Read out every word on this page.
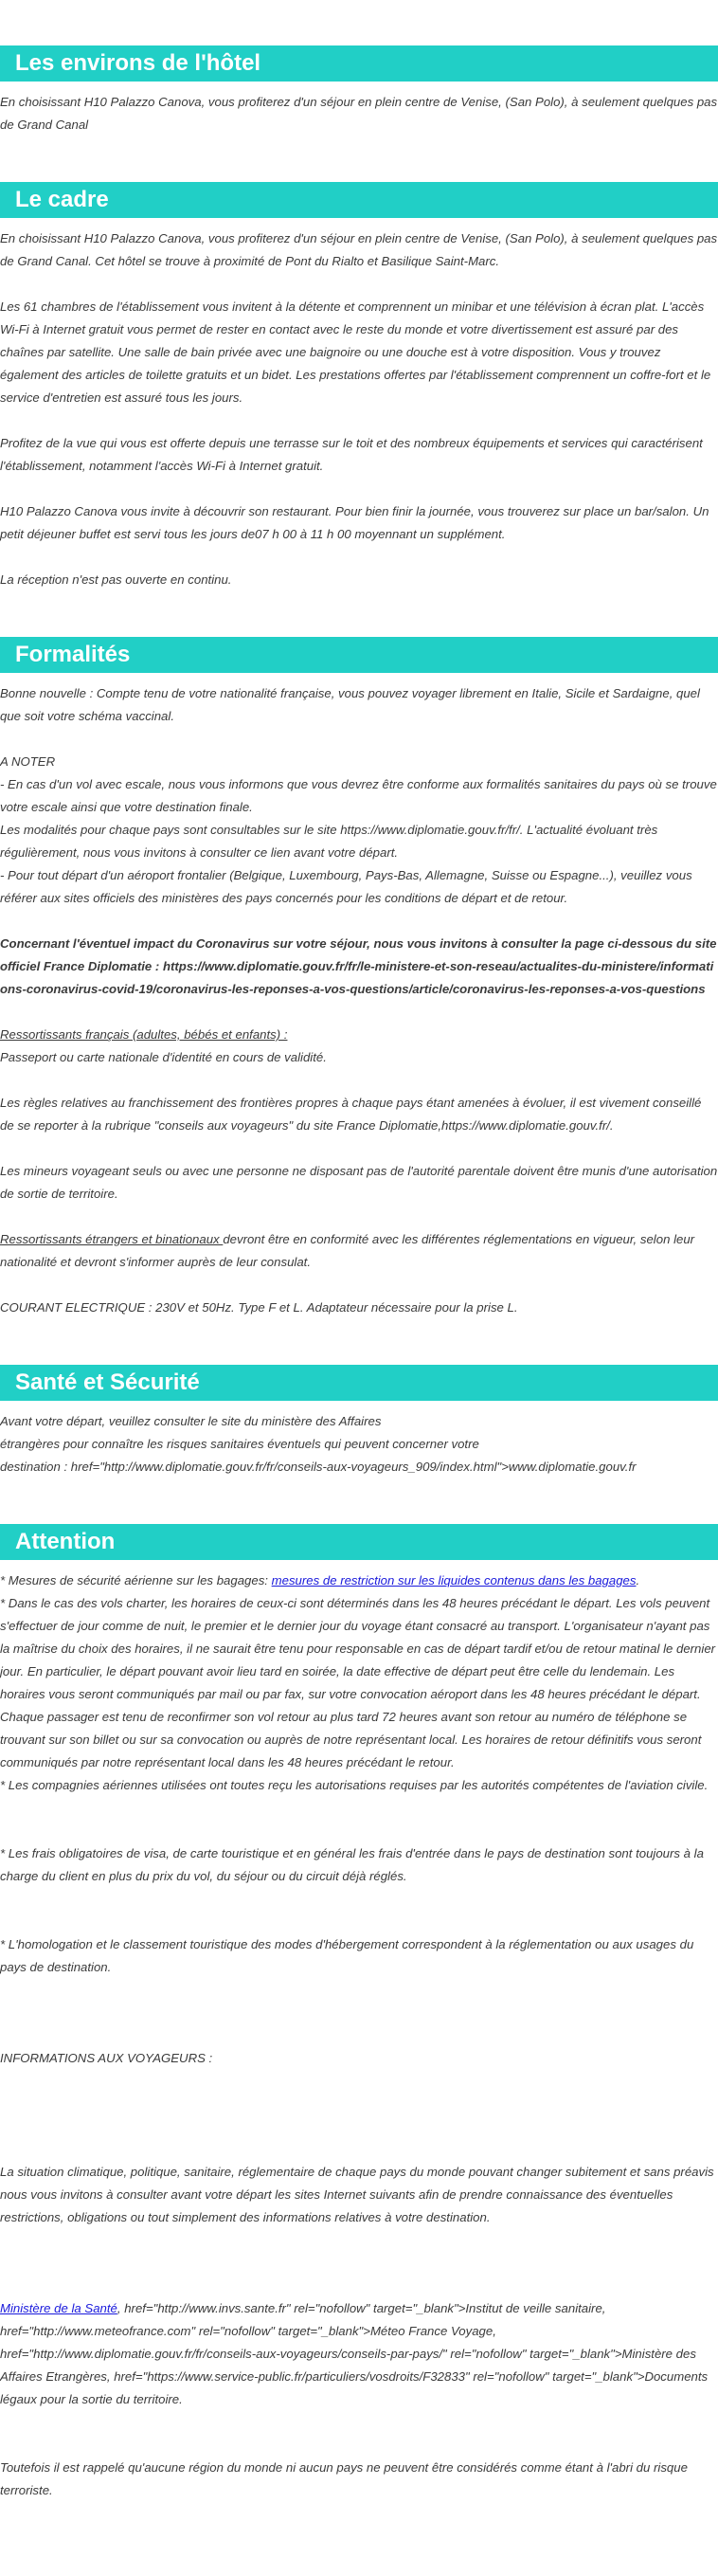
Les environs de l'hôtel

En choisissant H10 Palazzo Canova, vous profiterez d'un séjour en plein centre de Venise, (San Polo), à seulement quelques pas de Grand Canal

Le cadre

En choisissant H10 Palazzo Canova, vous profiterez d'un séjour en plein centre de Venise, (San Polo), à seulement quelques pas de Grand Canal. Cet hôtel se trouve à proximité de Pont du Rialto et Basilique Saint-Marc.

Les 61 chambres de l'établissement vous invitent à la détente et comprennent un minibar et une télévision à écran plat. L'accès Wi-Fi à Internet gratuit vous permet de rester en contact avec le reste du monde et votre divertissement est assuré par des chaînes par satellite. Une salle de bain privée avec une baignoire ou une douche est à votre disposition. Vous y trouvez également des articles de toilette gratuits et un bidet. Les prestations offertes par l'établissement comprennent un coffre-fort et le service d'entretien est assuré tous les jours.

Profitez de la vue qui vous est offerte depuis une terrasse sur le toit et des nombreux équipements et services qui caractérisent l'établissement, notamment l'accès Wi-Fi à Internet gratuit.

H10 Palazzo Canova vous invite à découvrir son restaurant. Pour bien finir la journée, vous trouverez sur place un bar/salon. Un petit déjeuner buffet est servi tous les jours de07 h 00 à 11 h 00 moyennant un supplément.

La réception n'est pas ouverte en continu.

Formalités

Bonne nouvelle : Compte tenu de votre nationalité française, vous pouvez voyager librement en Italie, Sicile et Sardaigne, quel que soit votre schéma vaccinal.

A NOTER

- En cas d'un vol avec escale, nous vous informons que vous devrez être conforme aux formalités sanitaires du pays où se trouve votre escale ainsi que votre destination finale.

Les modalités pour chaque pays sont consultables sur le site https://www.diplomatie.gouv.fr/fr/. L'actualité évoluant très régulièrement, nous vous invitons à consulter ce lien avant votre départ.

- Pour tout départ d'un aéroport frontalier (Belgique, Luxembourg, Pays-Bas, Allemagne, Suisse ou Espagne...), veuillez vous référer aux sites officiels des ministères des pays concernés pour les conditions de départ et de retour.

Concernant l'éventuel impact du Coronavirus sur votre séjour, nous vous invitons à consulter la page ci-dessous du site officiel France Diplomatie : https://www.diplomatie.gouv.fr/fr/le-ministere-et-son-reseau/actualites-du-ministere/informations-coronavirus-covid-19/coronavirus-les-reponses-a-vos-questions/article/coronavirus-les-reponses-a-vos-questions

Ressortissants français (adultes, bébés et enfants) :

Passeport ou carte nationale d'identité en cours de validité.

Les règles relatives au franchissement des frontières propres à chaque pays étant amenées à évoluer, il est vivement conseillé de se reporter à la rubrique "conseils aux voyageurs" du site France Diplomatie,https://www.diplomatie.gouv.fr/.

Les mineurs voyageant seuls ou avec une personne ne disposant pas de l'autorité parentale doivent être munis d'une autorisation de sortie de territoire.

Ressortissants étrangers et binationaux devront être en conformité avec les différentes réglementations en vigueur, selon leur nationalité et devront s'informer auprès de leur consulat.

COURANT ELECTRIQUE : 230V et 50Hz. Type F et L. Adaptateur nécessaire pour la prise L.

Santé et Sécurité

Avant votre départ, veuillez consulter le site du ministère des Affaires

étrangères pour connaître les risques sanitaires éventuels qui peuvent concerner votre

destination : href="http://www.diplomatie.gouv.fr/fr/conseils-aux-voyageurs_909/index.html">www.diplomatie.gouv.fr

Attention

* Mesures de sécurité aérienne sur les bagages: mesures de restriction sur les liquides contenus dans les bagages.

* Dans le cas des vols charter, les horaires de ceux-ci sont déterminés dans les 48 heures précédant le départ. Les vols peuvent s'effectuer de jour comme de nuit, le premier et le dernier jour du voyage étant consacré au transport. L'organisateur n'ayant pas la maîtrise du choix des horaires, il ne saurait être tenu pour responsable en cas de départ tardif et/ou de retour matinal le dernier jour. En particulier, le départ pouvant avoir lieu tard en soirée, la date effective de départ peut être celle du lendemain. Les horaires vous seront communiqués par mail ou par fax, sur votre convocation aéroport dans les 48 heures précédant le départ. Chaque passager est tenu de reconfirmer son vol retour au plus tard 72 heures avant son retour au numéro de téléphone se trouvant sur son billet ou sur sa convocation ou auprès de notre représentant local. Les horaires de retour définitifs vous seront communiqués par notre représentant local dans les 48 heures précédant le retour.

* Les compagnies aériennes utilisées ont toutes reçu les autorisations requises par les autorités compétentes de l'aviation civile.

* Les frais obligatoires de visa, de carte touristique et en général les frais d'entrée dans le pays de destination sont toujours à la charge du client en plus du prix du vol, du séjour ou du circuit déjà réglés.

* L'homologation et le classement touristique des modes d'hébergement correspondent à la réglementation ou aux usages du pays de destination.

INFORMATIONS AUX VOYAGEURS :

La situation climatique, politique, sanitaire, réglementaire de chaque pays du monde pouvant changer subitement et sans préavis

nous vous invitons à consulter avant votre départ les sites Internet suivants afin de prendre connaissance des éventuelles restrictions, obligations ou tout simplement des informations relatives à votre destination.

Ministère de la Santé, href="http://www.invs.sante.fr" rel="nofollow" target="_blank">Institut de veille sanitaire, href="http://www.meteofrance.com" rel="nofollow" target="_blank">Méteo France Voyage, href="http://www.diplomatie.gouv.fr/fr/conseils-aux-voyageurs/conseils-par-pays/" rel="nofollow" target="_blank">Ministère des Affaires Etrangères, href="https://www.service-public.fr/particuliers/vosdroits/F32833" rel="nofollow" target="_blank">Documents légaux pour la sortie du territoire.

Toutefois il est rappelé qu'aucune région du monde ni aucun pays ne peuvent être considérés comme étant à l'abri du risque terroriste.
